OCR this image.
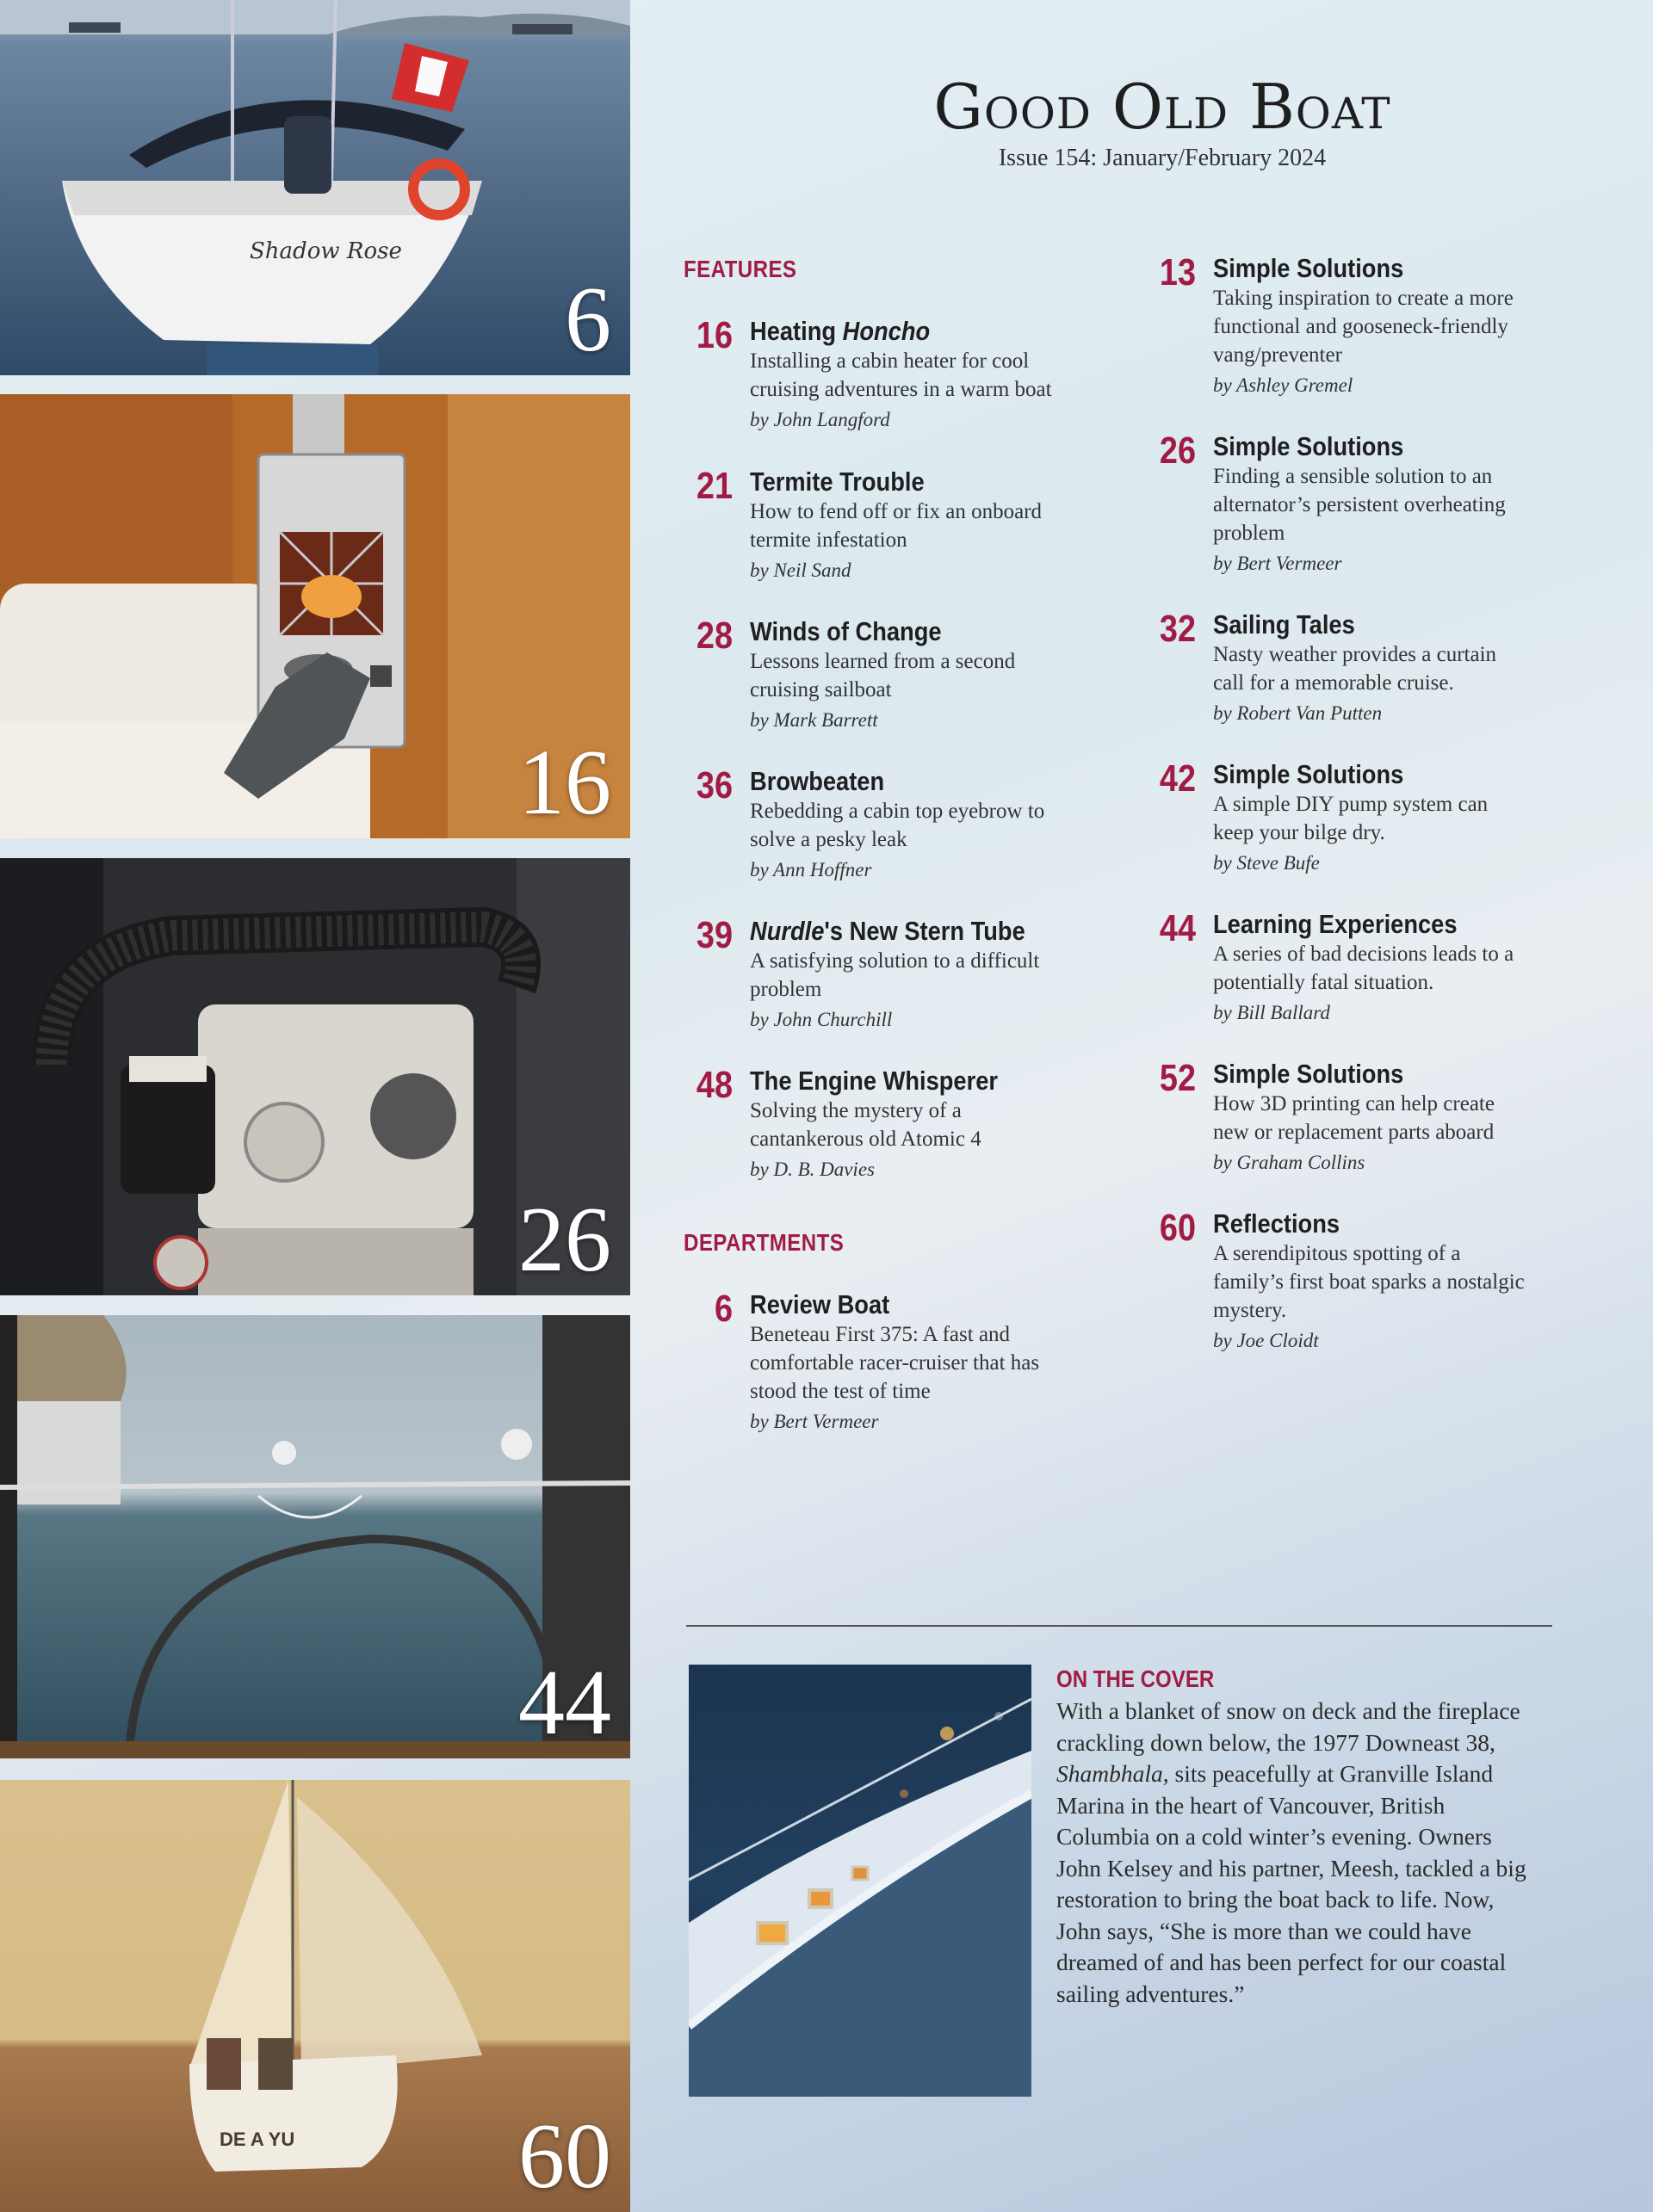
Shadow Rose
6
16
26
44
DE A YU 60
Good Old Boat
Issue 154: January/February 2024
FEATURES
16 Heating Honcho
Installing a cabin heater for cool cruising adventures in a warm boat
by John Langford
21 Termite Trouble
How to fend off or fix an onboard termite infestation
by Neil Sand
28 Winds of Change
Lessons learned from a second cruising sailboat
by Mark Barrett
36 Browbeaten
Rebedding a cabin top eyebrow to solve a pesky leak
by Ann Hoffner
39 Nurdle's New Stern Tube
A satisfying solution to a difficult problem
by John Churchill
48 The Engine Whisperer
Solving the mystery of a cantankerous old Atomic 4
by D. B. Davies
DEPARTMENTS
6 Review Boat
Beneteau First 375: A fast and comfortable racer-cruiser that has stood the test of time
by Bert Vermeer
13 Simple Solutions
Taking inspiration to create a more functional and gooseneck-friendly vang/preventer
by Ashley Gremel
26 Simple Solutions
Finding a sensible solution to an alternator’s persistent overheating problem
by Bert Vermeer
32 Sailing Tales
Nasty weather provides a curtain call for a memorable cruise.
by Robert Van Putten
42 Simple Solutions
A simple DIY pump system can keep your bilge dry.
by Steve Bufe
44 Learning Experiences
A series of bad decisions leads to a potentially fatal situation.
by Bill Ballard
52 Simple Solutions
How 3D printing can help create new or replacement parts aboard
by Graham Collins
60 Reflections
A serendipitous spotting of a family’s first boat sparks a nostalgic mystery.
by Joe Cloidt
ON THE COVER
With a blanket of snow on deck and the fireplace crackling down below, the 1977 Downeast 38, Shambhala, sits peacefully at Granville Island Marina in the heart of Vancouver, British Columbia on a cold winter’s evening. Owners John Kelsey and his partner, Meesh, tackled a big restoration to bring the boat back to life. Now, John says, “She is more than we could have dreamed of and has been perfect for our coastal sailing adventures.”
